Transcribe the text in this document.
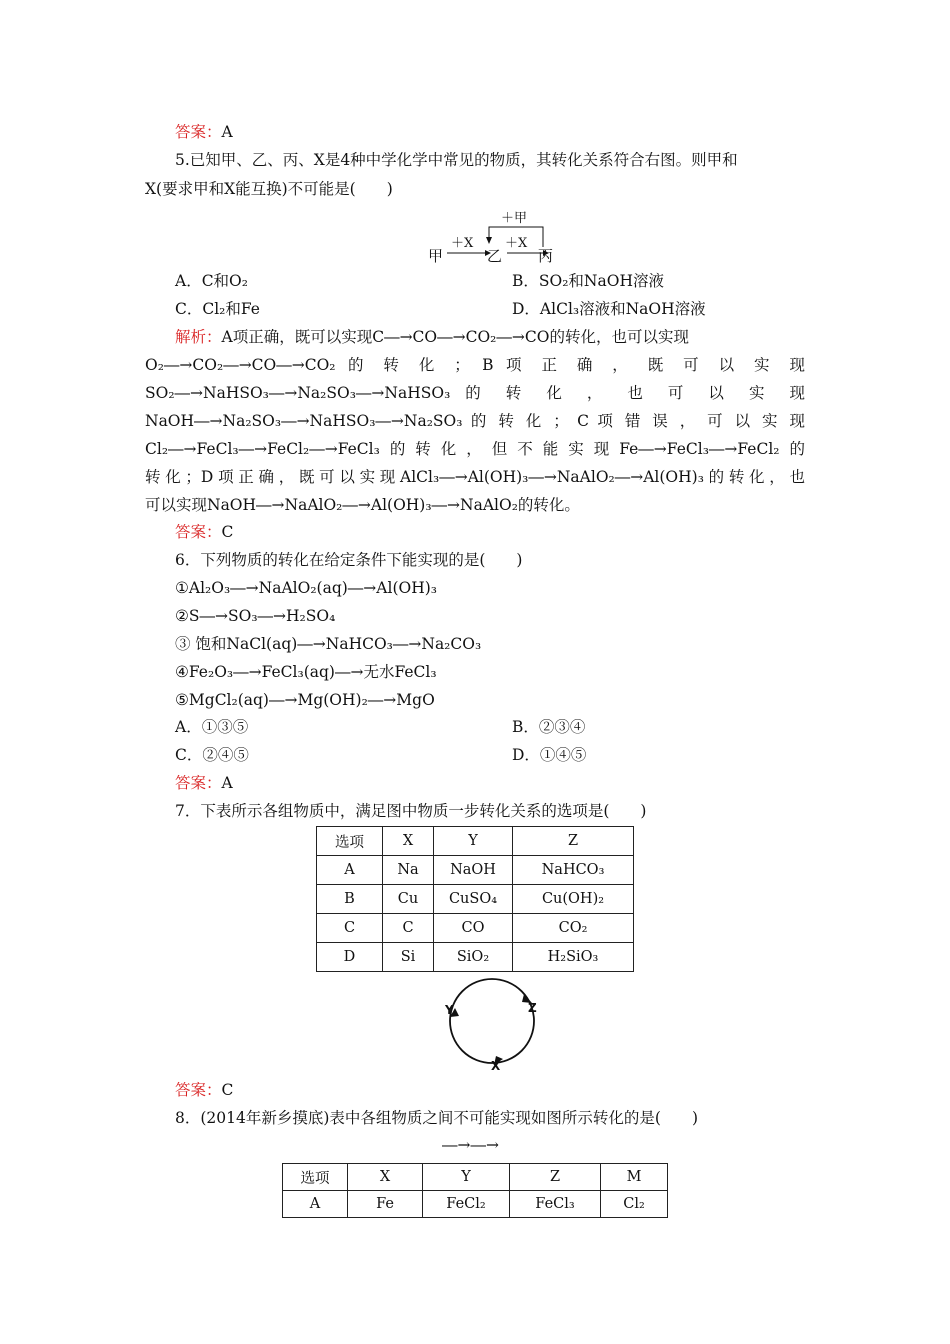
答案：A
5.已知甲、乙、丙、X是4种中学化学中常见的物质，其转化关系符合右图。则甲和
X(要求甲和X能互换)不可能是(　　)
甲	乙 丙
＋X ＋X
＋甲
A．C和O₂	B．SO₂和NaOH溶液
C．Cl₂和Fe	D．AlCl₃溶液和NaOH溶液
解析：A项正确，既可以实现C―→CO―→CO₂―→CO的转化，也可以实现
O₂―→CO₂―→CO―→CO₂ 的 转 化 ； B 项 正 确 ， 既 可 以 实 现
SO₂―→NaHSO₃―→Na₂SO₃―→NaHSO₃ 的 转 化 ， 也 可 以 实 现
NaOH―→Na₂SO₃―→NaHSO₃―→Na₂SO₃ 的 转 化 ； C 项 错 误 ， 可 以 实 现
Cl₂―→FeCl₃―→FeCl₂―→FeCl₃的转化，但不能实现Fe―→FeCl₃―→FeCl₂的
转化；D项正确，既可以实现AlCl₃―→Al(OH)₃―→NaAlO₂―→Al(OH)₃的转化，也
可以实现NaOH―→NaAlO₂―→Al(OH)₃―→NaAlO₂的转化。
答案：C
6．下列物质的转化在给定条件下能实现的是(　　)
①Al₂O₃―→NaAlO₂(aq)―→Al(OH)₃
②S―→SO₃―→H₂SO₄
③ 饱和NaCl(aq)―→NaHCO₃―→Na₂CO₃
④Fe₂O₃―→FeCl₃(aq)―→无水FeCl₃
⑤MgCl₂(aq)―→Mg(OH)₂―→MgO
A．①③⑤	B．②③④
C．②④⑤	D．①④⑤
答案：A
7．下表所示各组物质中，满足图中物质一步转化关系的选项是(　　)
选项	X	Y	Z
A	Na	NaOH	NaHCO₃
B	Cu	CuSO₄	Cu(OH)₂
C	C	CO	CO₂
D	Si	SiO₂	H₂SiO₃
Y	Z
X
答案：C
8．(2014年新乡摸底)表中各组物质之间不可能实现如图所示转化的是(　　)
―→―→
选项	X	Y	Z	M
A	Fe	FeCl₂	FeCl₃	Cl₂
